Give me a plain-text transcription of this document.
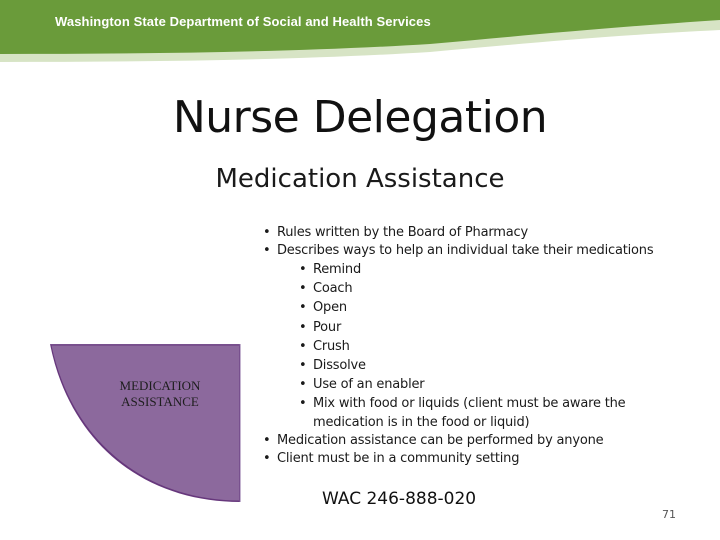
Washington State Department of Social and Health Services
Nurse Delegation
Medication Assistance
MEDICATION ASSISTANCE
• Rules written by the Board of Pharmacy
• Describes ways to help an individual take their medications
• Remind
• Coach
• Open
• Pour
• Crush
• Dissolve
• Use of an enabler
• Mix with food or liquids (client must be aware the
medication is in the food or liquid)
• Medication assistance can be performed by anyone
• Client must be in a community setting
WAC 246-888-020
71
